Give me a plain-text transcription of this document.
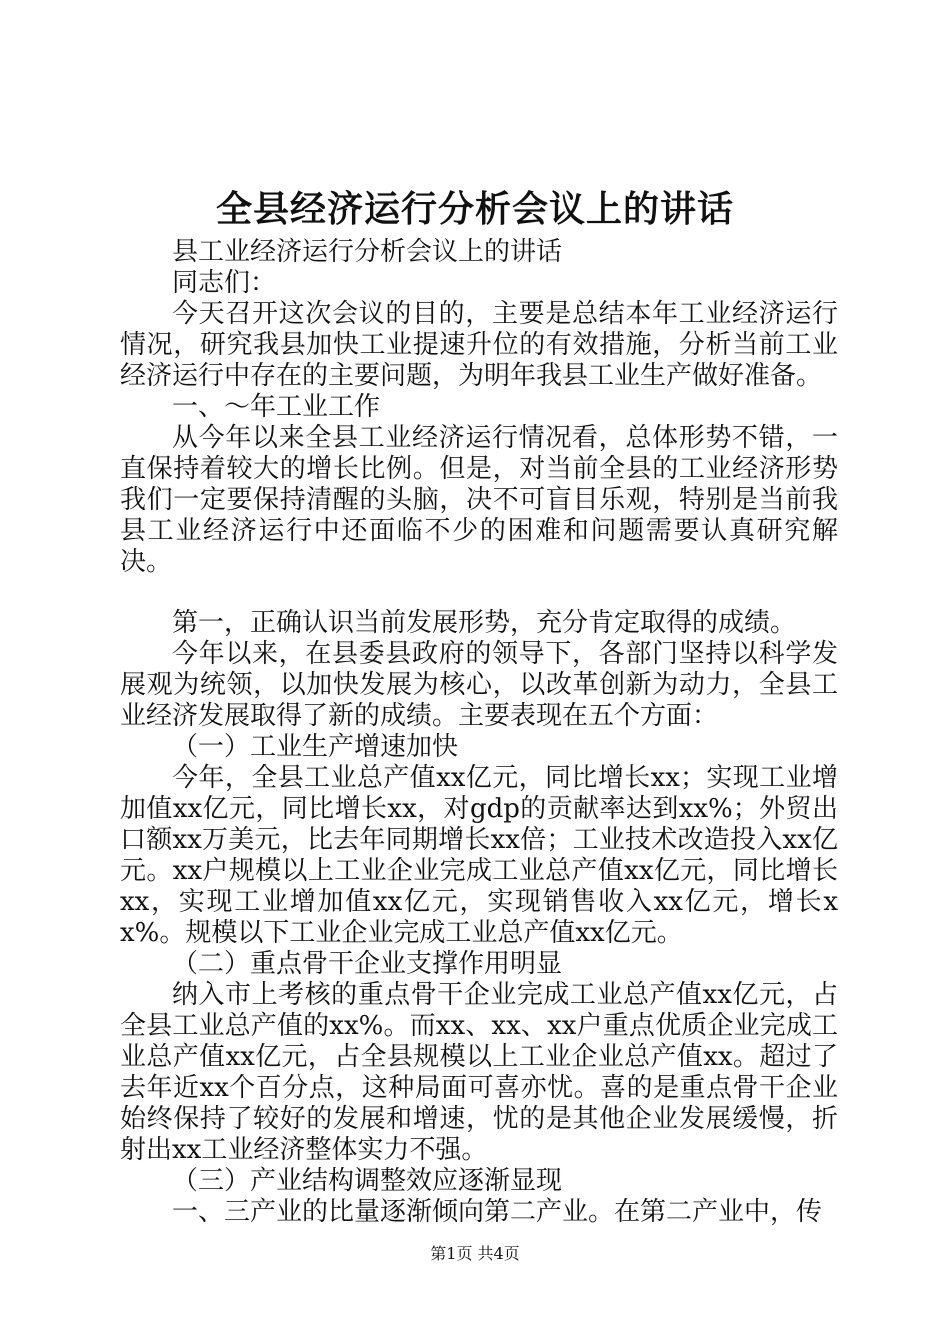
全县经济运行分析会议上的讲话

县工业经济运行分析会议上的讲话

同志们：

今天召开这次会议的目的，主要是总结本年工业经济运行情况，研究我县加快工业提速升位的有效措施，分析当前工业经济运行中存在的主要问题，为明年我县工业生产做好准备。

一、～年工业工作

从今年以来全县工业经济运行情况看，总体形势不错，一直保持着较大的增长比例。但是，对当前全县的工业经济形势我们一定要保持清醒的头脑，决不可盲目乐观，特别是当前我县工业经济运行中还面临不少的困难和问题需要认真研究解决。

第一，正确认识当前发展形势，充分肯定取得的成绩。

今年以来，在县委县政府的领导下，各部门坚持以科学发展观为统领，以加快发展为核心，以改革创新为动力，全县工业经济发展取得了新的成绩。主要表现在五个方面：

（一）工业生产增速加快

今年，全县工业总产值xx亿元，同比增长xx；实现工业增加值xx亿元，同比增长xx，对gdp的贡献率达到xx%；外贸出口额xx万美元，比去年同期增长xx倍；工业技术改造投入xx亿元。xx户规模以上工业企业完成工业总产值xx亿元，同比增长xx，实现工业增加值xx亿元，实现销售收入xx亿元，增长xx%。规模以下工业企业完成工业总产值xx亿元。

（二）重点骨干企业支撑作用明显

纳入市上考核的重点骨干企业完成工业总产值xx亿元，占全县工业总产值的xx%。而xx、xx、xx户重点优质企业完成工业总产值xx亿元，占全县规模以上工业企业总产值xx。超过了去年近xx个百分点，这种局面可喜亦忧。喜的是重点骨干企业始终保持了较好的发展和增速，忧的是其他企业发展缓慢，折射出xx工业经济整体实力不强。

（三）产业结构调整效应逐渐显现

一、三产业的比量逐渐倾向第二产业。在第二产业中，传

第1页 共4页
